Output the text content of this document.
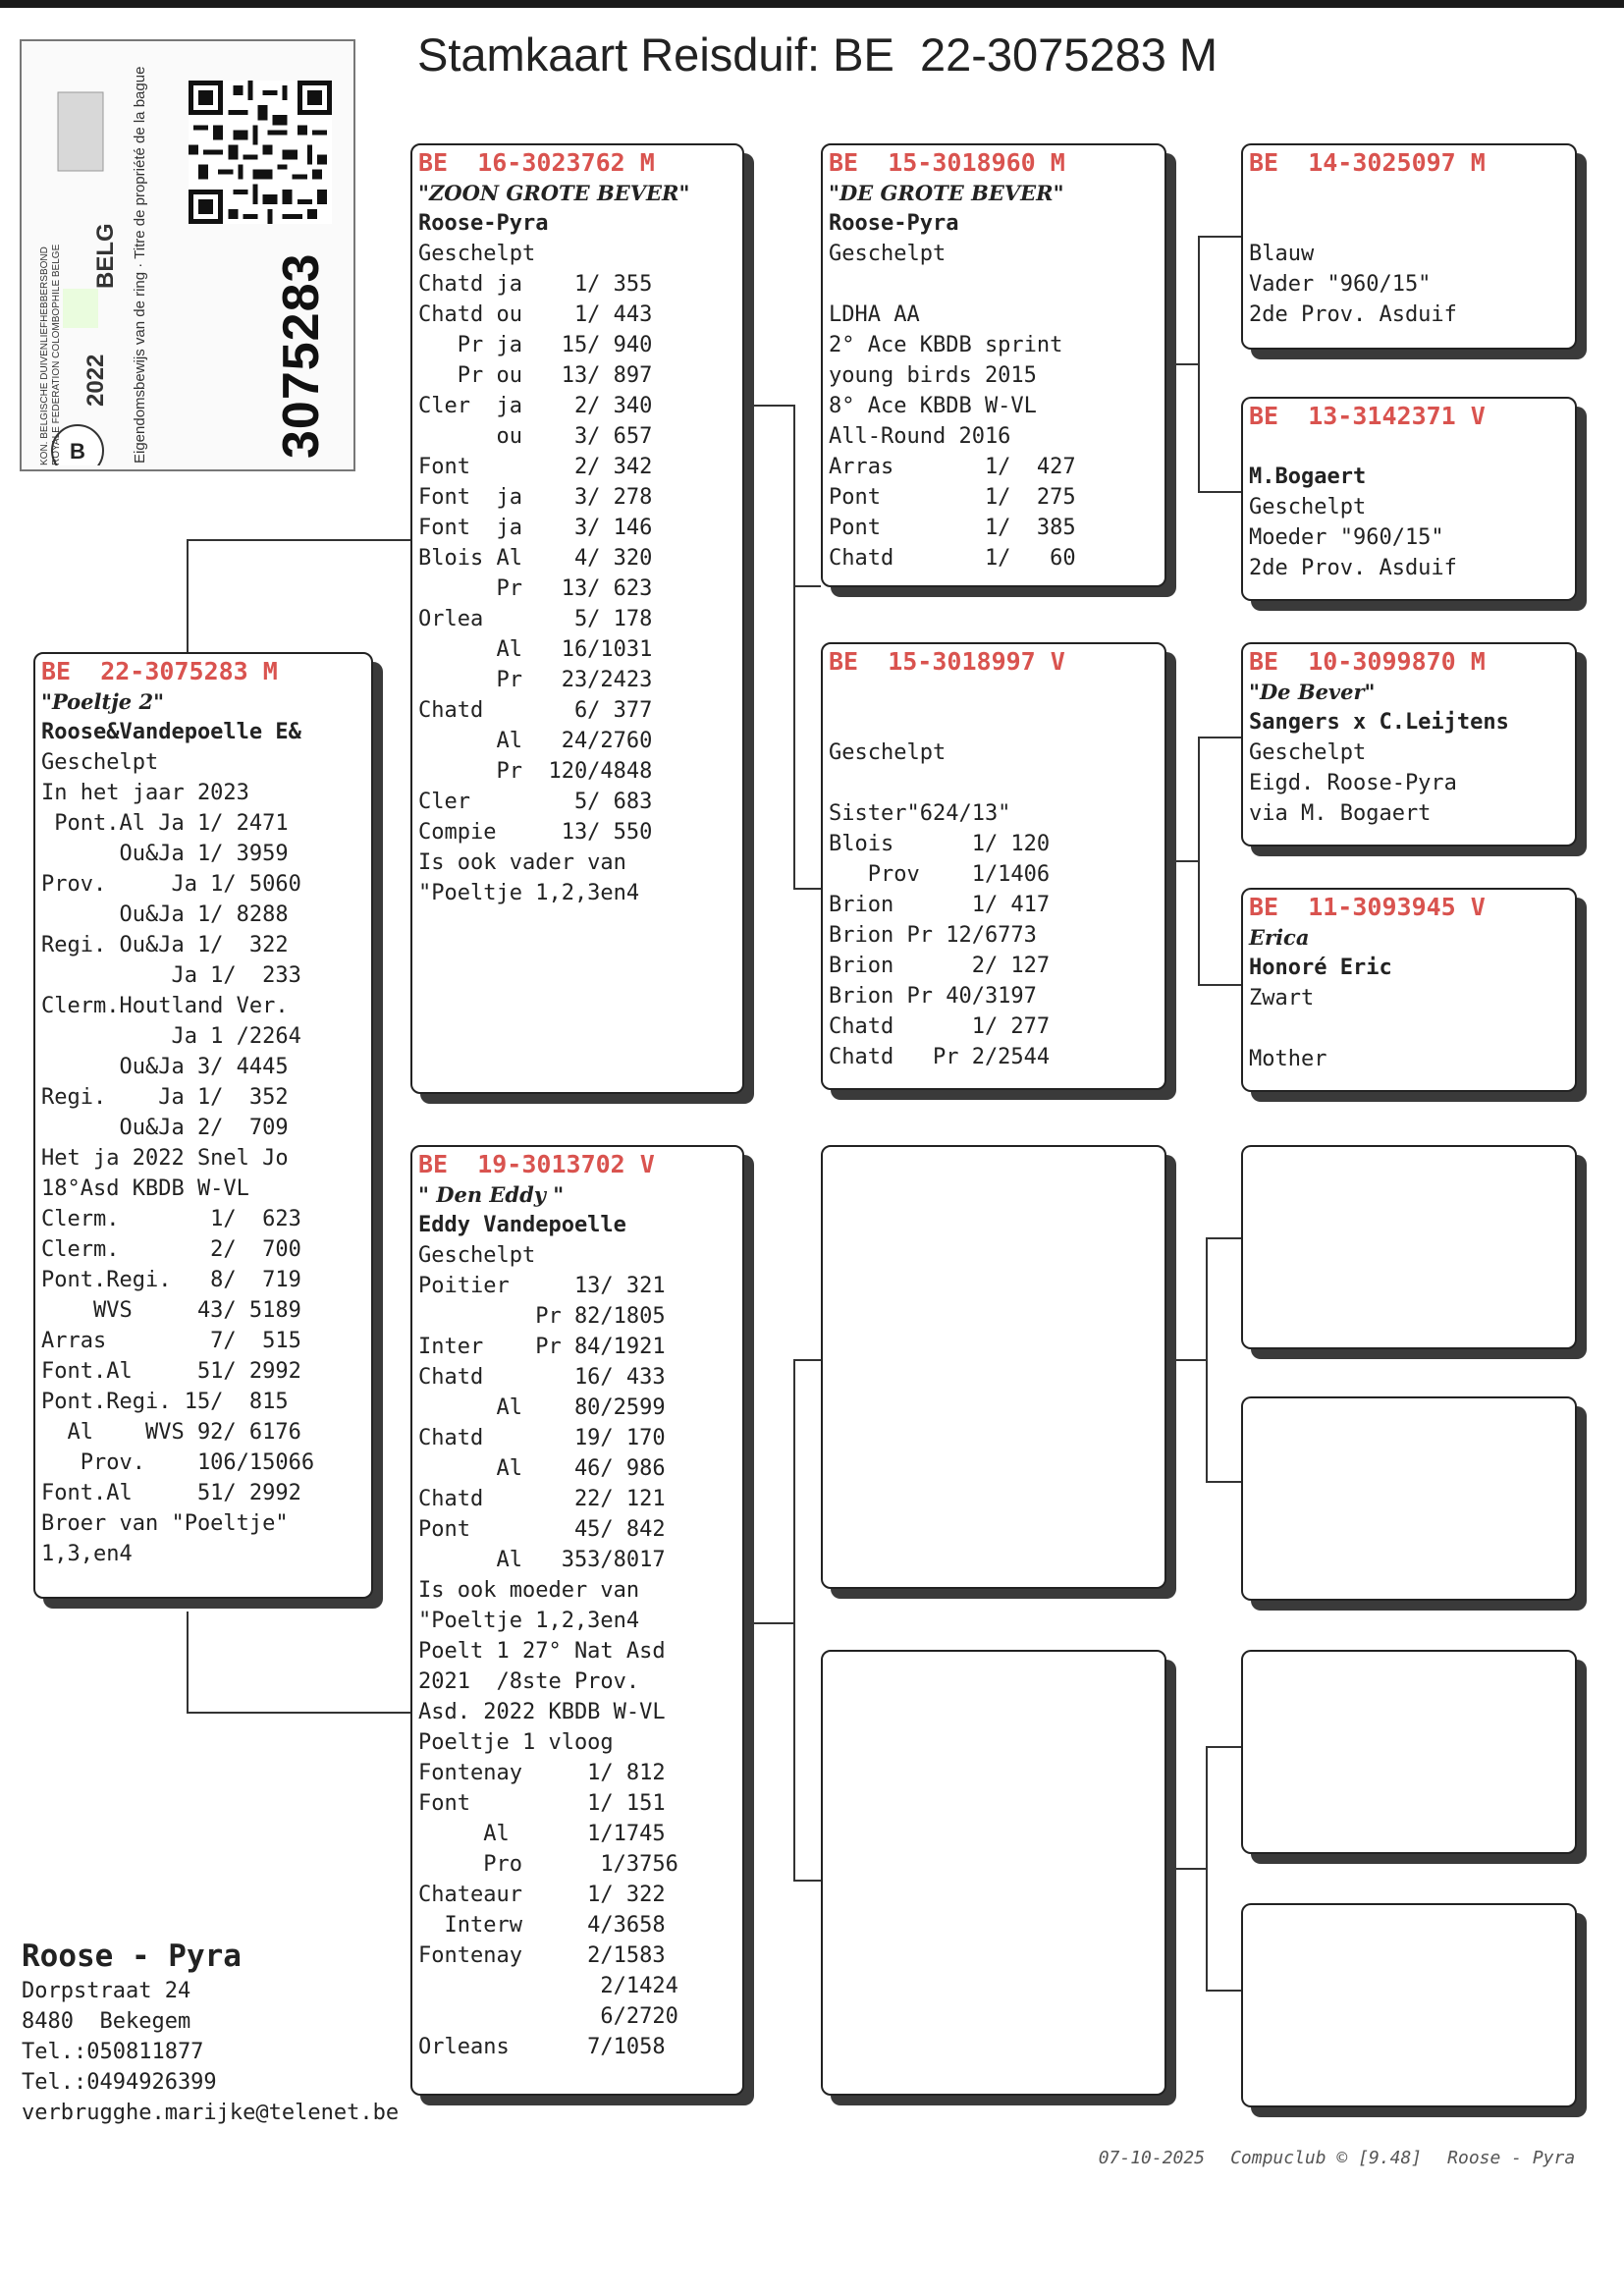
Stamkaart Reisduif: BE  22-3075283 M
B
KON. BELGISCHE DUIVENLIEFHEBBERSBOND ROYALE FEDERATION COLOMBOPHILE BELGE 2022
BELG Eigendomsbewijs van de ring · Titre de propriété de la bague 3075283
BE  22-3075283 M
"Poeltje 2"
Roose&Vandepoelle E&
Geschelpt
In het jaar 2023
Pont.Al Ja 1/ 2471
Ou&Ja 1/ 3959
Prov.     Ja 1/ 5060
Ou&Ja 1/ 8288
Regi. Ou&Ja 1/  322
Ja 1/  233
Clerm.Houtland Ver.
Ja 1 /2264
Ou&Ja 3/ 4445
Regi.    Ja 1/  352
Ou&Ja 2/  709
Het ja 2022 Snel Jo
18°Asd KBDB W-VL
Clerm.       1/  623
Clerm.       2/  700
Pont.Regi.   8/  719
WVS     43/ 5189
Arras        7/  515
Font.Al     51/ 2992
Pont.Regi. 15/  815
Al    WVS 92/ 6176
Prov.    106/15066
Font.Al     51/ 2992
Broer van "Poeltje"
1,3,en4
BE  16-3023762 M
"ZOON GROTE BEVER"
Roose-Pyra
Geschelpt
Chatd ja    1/ 355
Chatd ou    1/ 443
Pr ja   15/ 940
Pr ou   13/ 897
Cler  ja    2/ 340
ou    3/ 657
Font        2/ 342
Font  ja    3/ 278
Font  ja    3/ 146
Blois Al    4/ 320
Pr   13/ 623
Orlea       5/ 178
Al   16/1031
Pr   23/2423
Chatd       6/ 377
Al   24/2760
Pr  120/4848
Cler        5/ 683
Compie     13/ 550
Is ook vader van
"Poeltje 1,2,3en4
BE  19-3013702 V
" Den Eddy "
Eddy Vandepoelle
Geschelpt
Poitier     13/ 321
Pr 82/1805
Inter    Pr 84/1921
Chatd       16/ 433
Al    80/2599
Chatd       19/ 170
Al    46/ 986
Chatd       22/ 121
Pont        45/ 842
Al   353/8017
Is ook moeder van
"Poeltje 1,2,3en4
Poelt 1 27° Nat Asd
2021  /8ste Prov.
Asd. 2022 KBDB W-VL
Poeltje 1 vloog
Fontenay     1/ 812
Font         1/ 151
Al      1/1745
Pro      1/3756
Chateaur     1/ 322
Interw     4/3658
Fontenay     2/1583
2/1424
6/2720
Orleans      7/1058
BE  15-3018960 M
"DE GROTE BEVER"
Roose-Pyra
Geschelpt

LDHA AA
2° Ace KBDB sprint
young birds 2015
8° Ace KBDB W-VL
All-Round 2016
Arras       1/  427
Pont        1/  275
Pont        1/  385
Chatd       1/   60
BE  15-3018997 V

Geschelpt

Sister"624/13"
Blois      1/ 120
Prov    1/1406
Brion      1/ 417
Brion Pr 12/6773
Brion      2/ 127
Brion Pr 40/3197
Chatd      1/ 277
Chatd   Pr 2/2544
BE  14-3025097 M

Blauw
Vader "960/15"
2de Prov. Asduif
BE  13-3142371 V

M.Bogaert
Geschelpt
Moeder "960/15"
2de Prov. Asduif
BE  10-3099870 M
"De Bever"
Sangers x C.Leijtens
Geschelpt
Eigd. Roose-Pyra
via M. Bogaert
BE  11-3093945 V
Erica
Honoré Eric
Zwart

Mother
Roose - Pyra
Dorpstraat 24
8480  Bekegem
Tel.:050811877
Tel.:0494926399
verbrugghe.marijke@telenet.be

07-10-2025 Compuclub © [9.48] Roose - Pyra
